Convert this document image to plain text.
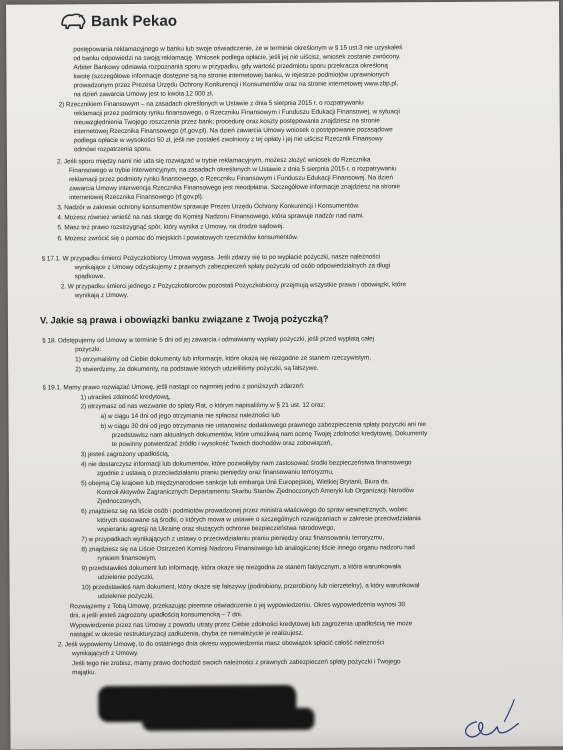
Bank Pekao
postępowania reklamacyjnego w banku lub swoje oświadczenie, że w terminie określonym w § 15 ust.3 nie uzyskałeś
od banku odpowiedzi na swoją reklamację. Wniosek podlega opłacie, jeśli jej nie uiścisz, wniosek zostanie zwrócony.
Arbiter Bankowy odmawia rozpoznania sporu w przypadku, gdy wartość przedmiotu sporu przekracza określoną
kwotę (szczegółowe informacje dostępne są na stronie internetowej banku, w rejestrze podmiotów uprawnionych
prowadzonym przez Prezesa Urzędu Ochrony Konkurencji i Konsumentów oraz na stronie internetowej www.zbp.pl,
na dzień zawarcia Umowy jest to kwota 12 000 zł,
2) Rzecznikiem Finansowym – na zasadach określonych w Ustawie z dnia 5 sierpnia 2015 r. o rozpatrywaniu
reklamacji przez podmioty rynku finansowego, o Rzeczniku Finansowym i Funduszu Edukacji Finansowej, w sytuacji
nieuwzględnienia Twojego roszczenia przez bank; procedurę oraz koszty postępowania znajdziesz na stronie
internetowej Rzecznika Finansowego (rf.gov.pl). Na dzień zawarcia Umowy wniosek o postępowanie pozasądowe
podlega opłacie w wysokości 50 zł, jeśli nie zostałeś zwolniony z tej opłaty i jej nie uiścisz Rzecznik Finansowy
odmówi rozpatrzenia sporu.
2. Jeśli sporu między nami nie uda się rozwiązać w trybie reklamacyjnym, możesz złożyć wniosek do Rzecznika
Finansowego w trybie interwencyjnym, na zasadach określonych w Ustawie z dnia 5 sierpnia 2015 r. o rozpatrywaniu
reklamacji przez podmioty rynku finansowego, o Rzeczniku Finansowym i Funduszu Edukacji Finansowej. Na dzień
zawarcia Umowy interwencja Rzecznika Finansowego jest nieodpłatna. Szczegółowe informacje znajdziesz na stronie
internetowej Rzecznika Finansowego (rf.gov.pl).
3. Nadzór w zakresie ochrony konsumentów sprawuje Prezes Urzędu Ochrony Konkurencji i Konsumentów.
4. Możesz również wnieść na nas skargę do Komisji Nadzoru Finansowego, która sprawuje nadzór nad nami.
5. Masz też prawo rozstrzygnąć spór, który wynika z Umowy, na drodze sądowej.
6. Możesz zwrócić się o pomoc do miejskich i powiatowych rzeczników konsumentów.
§ 17.1. W przypadku śmierci Pożyczkobiorcy Umowa wygasa. Jeśli zdarzy się to po wypłacie pożyczki, nasze należności
wynikające z Umowy odzyskujemy z prawnych zabezpieczeń spłaty pożyczki od osób odpowiedzialnych za długi
spadkowe.
2. W przypadku śmierci jednego z Pożyczkobiorców pozostali Pożyczkobiorcy przejmują wszystkie prawa i obowiązki, które
wynikają z Umowy.
V. Jakie są prawa i obowiązki banku związane z Twoją pożyczką?
§ 18. Odstępujemy od Umowy w terminie 5 dni od jej zawarcia i odmawiamy wypłaty pożyczki, jeśli przed wypłatą całej
pożyczki:
1) otrzymaliśmy od Ciebie dokumenty lub informacje, które okażą się niezgodne ze stanem rzeczywistym,
2) stwierdzimy, że dokumenty, na podstawie których udzieliliśmy pożyczki, są fałszywe.
§ 19.1. Mamy prawo rozwiązać Umowę, jeśli nastąpi co najmniej jedno z poniższych zdarzeń:
1) utraciłeś zdolność kredytową,
2) otrzymasz od nas wezwanie do spłaty Rat, o którym napisaliśmy w § 21 ust. 12 oraz:
a) w ciągu 14 dni od jego otrzymania nie spłacisz należności lub
b) w ciągu 30 dni od jego otrzymania nie ustanowisz dodatkowego prawnego zabezpieczenia spłaty pożyczki ani nie
przedstawisz nam aktualnych dokumentów, które umożliwią nam ocenę Twojej zdolności kredytowej. Dokumenty
te powinny potwierdzać źródło i wysokość Twoich dochodów oraz zobowiązań,
3) jesteś zagrożony upadłością,
4) nie dostarczysz informacji lub dokumentów, które pozwoliłyby nam zastosować środki bezpieczeństwa finansowego
zgodnie z ustawą o przeciwdziałaniu praniu pieniędzy oraz finansowaniu terroryzmu,
5) obejmą Cię krajowe lub międzynarodowe sankcje lub embarga Unii Europejskiej, Wielkiej Brytanii, Biura ds.
Kontroli Aktywów Zagranicznych Departamentu Skarbu Stanów Zjednoczonych Ameryki lub Organizacji Narodów
Zjednoczonych,
6) znajdziesz się na liście osób i podmiotów prowadzonej przez ministra właściwego do spraw wewnętrznych, wobec
których stosowane są środki, o których mowa w ustawie o szczególnych rozwiązaniach w zakresie przeciwdziałania
wspieraniu agresji na Ukrainę oraz służących ochronie bezpieczeństwa narodowego,
7) w przypadkach wynikających z ustawy o przeciwdziałaniu praniu pieniędzy oraz finansowaniu terroryzmu,
8) znajdziesz się na Liście Ostrzeżeń Komisji Nadzoru Finansowego lub analogicznej liście innego organu nadzoru nad
rynkiem finansowym,
9) przedstawiłeś dokument lub informację, która okaże się niezgodna ze stanem faktycznym, a która warunkowała
udzielenie pożyczki,
10) przedstawiłeś nam dokument, który okaże się fałszywy (podrobiony, przerobiony lub nierzetelny), a który warunkował
udzielenie pożyczki.
Rozwiążemy z Tobą Umowę, przekazując pisemne oświadczenie o jej wypowiedzeniu. Okres wypowiedzenia wynosi 30
dni, a jeśli jesteś zagrożony upadłością konsumencką – 7 dni.
Wypowiedzenie przez nas Umowy z powodu utraty przez Ciebie zdolności kredytowej lub zagrożenia upadłością nie może
nastąpić w okresie restrukturyzacji zadłużenia, chyba że nienależycie je realizujesz.
2. Jeśli wypowiemy Umowę, to do ostatniego dnia okresu wypowiedzenia masz obowiązek spłacić całość należności
wynikających z Umowy.
Jeśli tego nie zrobisz, mamy prawo dochodzić swoich należności z prawnych zabezpieczeń spłaty pożyczki i Twojego
majątku.
